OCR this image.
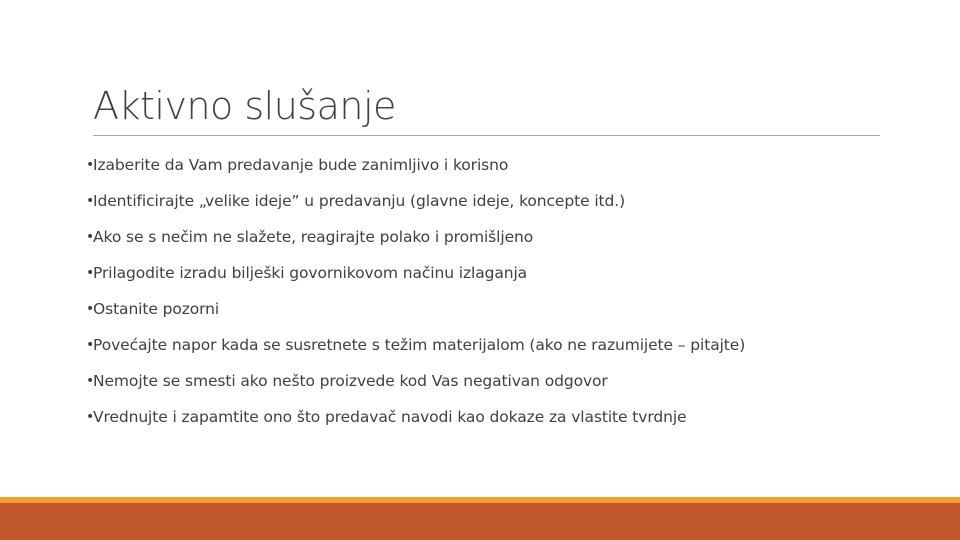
Aktivno slušanje
•
Izaberite da Vam predavanje bude zanimljivo i korisno
•
Identificirajte „velike ideje” u predavanju (glavne ideje, koncepte itd.)
•
Ako se s nečim ne slažete, reagirajte polako i promišljeno
•
Prilagodite izradu bilješki govornikovom načinu izlaganja
•
Ostanite pozorni
•
Povećajte napor kada se susretnete s težim materijalom (ako ne razumijete – pitajte)
•
Nemojte se smesti ako nešto proizvede kod Vas negativan odgovor
•
Vrednujte i zapamtite ono što predavač navodi kao dokaze za vlastite tvrdnje
